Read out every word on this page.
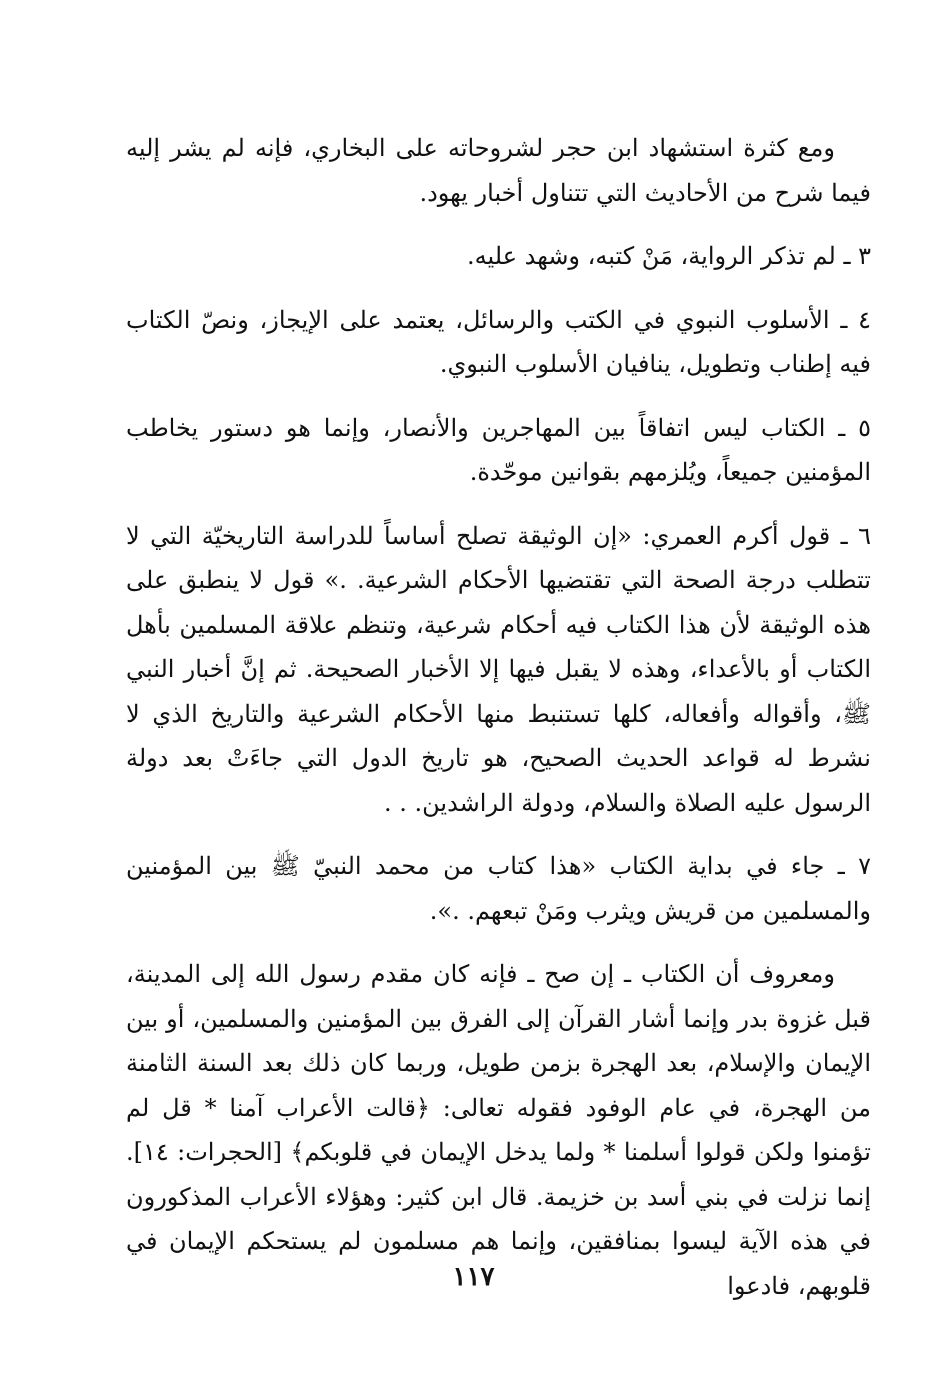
ومع كثرة استشهاد ابن حجر لشروحاته على البخاري، فإنه لم يشر إليه فيما شرح من الأحاديث التي تتناول أخبار يهود.

٣ ـ لم تذكر الرواية، مَنْ كتبه، وشهد عليه.

٤ ـ الأسلوب النبوي في الكتب والرسائل، يعتمد على الإيجاز، ونصّ الكتاب فيه إطناب وتطويل، ينافيان الأسلوب النبوي.

٥ ـ الكتاب ليس اتفاقاً بين المهاجرين والأنصار، وإنما هو دستور يخاطب المؤمنين جميعاً، ويُلزمهم بقوانين موحّدة.

٦ ـ قول أكرم العمري: «إن الوثيقة تصلح أساساً للدراسة التاريخيّة التي لا تتطلب درجة الصحة التي تقتضيها الأحكام الشرعية. .» قول لا ينطبق على هذه الوثيقة لأن هذا الكتاب فيه أحكام شرعية، وتنظم علاقة المسلمين بأهل الكتاب أو بالأعداء، وهذه لا يقبل فيها إلا الأخبار الصحيحة. ثم إنَّ أخبار النبي ﷺ، وأقواله وأفعاله، كلها تستنبط منها الأحكام الشرعية والتاريخ الذي لا نشرط له قواعد الحديث الصحيح، هو تاريخ الدول التي جاءَتْ بعد دولة الرسول عليه الصلاة والسلام، ودولة الراشدين. . .

٧ ـ جاء في بداية الكتاب «هذا كتاب من محمد النبيّ ﷺ بين المؤمنين والمسلمين من قريش ويثرب ومَنْ تبعهم. .».

ومعروف أن الكتاب ـ إن صح ـ فإنه كان مقدم رسول الله إلى المدينة، قبل غزوة بدر وإنما أشار القرآن إلى الفرق بين المؤمنين والمسلمين، أو بين الإيمان والإسلام، بعد الهجرة بزمن طويل، وربما كان ذلك بعد السنة الثامنة من الهجرة، في عام الوفود فقوله تعالى: ﴿قالت الأعراب آمنا * قل لم تؤمنوا ولكن قولوا أسلمنا * ولما يدخل الإيمان في قلوبكم﴾ [الحجرات: ١٤]. إنما نزلت في بني أسد بن خزيمة. قال ابن كثير: وهؤلاء الأعراب المذكورون في هذه الآية ليسوا بمنافقين، وإنما هم مسلمون لم يستحكم الإيمان في قلوبهم، فادعوا

١١٧
